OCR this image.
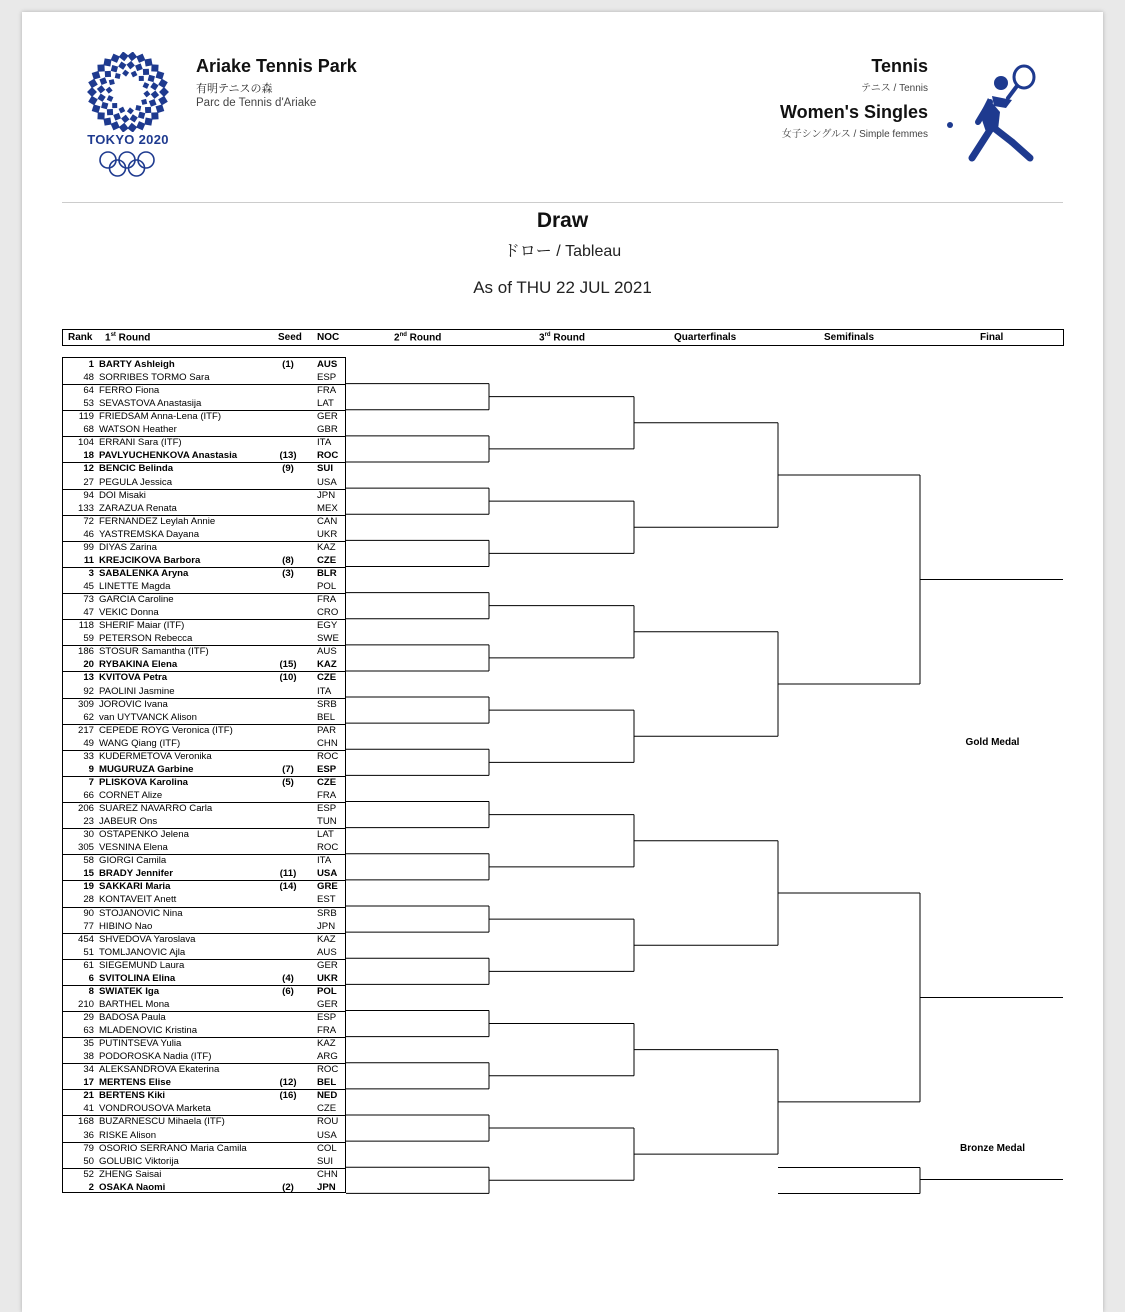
TOKYO 2020
Ariake Tennis Park
有明テニスの森
Parc de Tennis d'Ariake
Tennis
テニス / Tennis
Women's Singles
女子シングルス / Simple femmes
Draw
ドロー / Tableau
As of THU 22 JUL 2021
Rank 1st Round	Seed NOC	2nd Round	3rd Round	Quarterfinals	Semifinals	Final
1 BARTY Ashleigh	(1)	AUS
48 SORRIBES TORMO Sara	ESP
64 FERRO Fiona	FRA
53 SEVASTOVA Anastasija	LAT
119 FRIEDSAM Anna-Lena (ITF)	GER
68 WATSON Heather	GBR
104 ERRANI Sara (ITF)	ITA
18 PAVLYUCHENKOVA Anastasia	(13)	ROC
12 BENCIC Belinda	(9)	SUI
27 PEGULA Jessica	USA
94 DOI Misaki	JPN
133 ZARAZUA Renata	MEX
72 FERNANDEZ Leylah Annie	CAN
46 YASTREMSKA Dayana	UKR
99 DIYAS Zarina	KAZ
11 KREJCIKOVA Barbora	(8)	CZE
3 SABALENKA Aryna	(3)	BLR
45 LINETTE Magda	POL
73 GARCIA Caroline	FRA
47 VEKIC Donna	CRO
118 SHERIF Maiar (ITF)	EGY
59 PETERSON Rebecca	SWE
186 STOSUR Samantha (ITF)	AUS
20 RYBAKINA Elena	(15)	KAZ
13 KVITOVA Petra	(10)	CZE
92 PAOLINI Jasmine	ITA
309 JOROVIC Ivana	SRB
62 van UYTVANCK Alison	BEL
217 CEPEDE ROYG Veronica (ITF)	PAR
49 WANG Qiang (ITF)	CHN
33 KUDERMETOVA Veronika	ROC
9 MUGURUZA Garbine	(7)	ESP
7 PLISKOVA Karolina	(5)	CZE
66 CORNET Alize	FRA
206 SUAREZ NAVARRO Carla	ESP
23 JABEUR Ons	TUN
30 OSTAPENKO Jelena	LAT
305 VESNINA Elena	ROC
58 GIORGI Camila	ITA
15 BRADY Jennifer	(11)	USA
19 SAKKARI Maria	(14)	GRE
28 KONTAVEIT Anett	EST
90 STOJANOVIC Nina	SRB
77 HIBINO Nao	JPN
454 SHVEDOVA Yaroslava	KAZ
51 TOMLJANOVIC Ajla	AUS
61 SIEGEMUND Laura	GER
6 SVITOLINA Elina	(4)	UKR
8 SWIATEK Iga	(6)	POL
210 BARTHEL Mona	GER
29 BADOSA Paula	ESP
63 MLADENOVIC Kristina	FRA
35 PUTINTSEVA Yulia	KAZ
38 PODOROSKA Nadia (ITF)	ARG
34 ALEKSANDROVA Ekaterina	ROC
17 MERTENS Elise	(12)	BEL
21 BERTENS Kiki	(16)	NED
41 VONDROUSOVA Marketa	CZE
168 BUZARNESCU Mihaela (ITF)	ROU
36 RISKE Alison	USA
79 OSORIO SERRANO Maria Camila	COL
50 GOLUBIC Viktorija	SUI
52 ZHENG Saisai	CHN
2 OSAKA Naomi	(2)	JPN
Gold Medal
Bronze Medal
